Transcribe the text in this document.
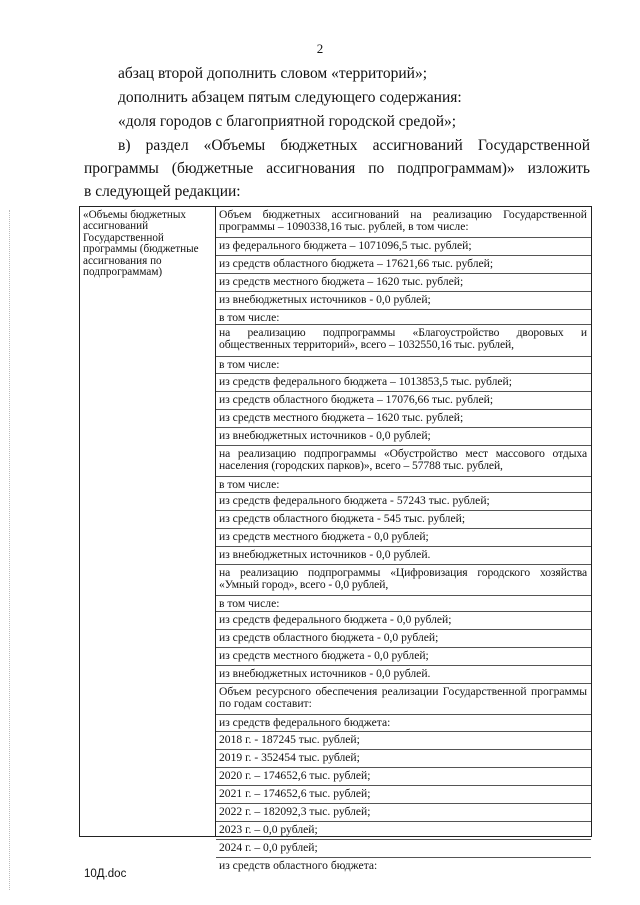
2
абзац второй дополнить словом «территорий»;
дополнить абзацем пятым следующего содержания:
«доля городов с благоприятной городской средой»;
в) раздел «Объемы бюджетных ассигнований Государственной
программы (бюджетные ассигнования по подпрограммам)» изложить
в следующей редакции:
«Объемы бюджетных ассигнований Государственной программы (бюджетные ассигнования по подпрограммам)
Объем бюджетных ассигнований на реализацию Государственной программы – 1090338,16 тыс. рублей, в том числе:
из федерального бюджета – 1071096,5 тыс. рублей;
из средств областного бюджета – 17621,66 тыс. рублей;
из средств местного бюджета – 1620 тыс. рублей;
из внебюджетных источников - 0,0 рублей;
в том числе:
на реализацию подпрограммы «Благоустройство дворовых и общественных территорий», всего – 1032550,16 тыс. рублей,
в том числе:
из средств федерального бюджета – 1013853,5 тыс. рублей;
из средств областного бюджета – 17076,66 тыс. рублей;
из средств местного бюджета – 1620 тыс. рублей;
из внебюджетных источников - 0,0 рублей;
на реализацию подпрограммы «Обустройство мест массового отдыха населения (городских парков)», всего – 57788 тыс. рублей,
в том числе:
из средств федерального бюджета - 57243 тыс. рублей;
из средств областного бюджета - 545 тыс. рублей;
из средств местного бюджета - 0,0 рублей;
из внебюджетных источников - 0,0 рублей.
на реализацию подпрограммы «Цифровизация городского хозяйства «Умный город», всего - 0,0 рублей,
в том числе:
из средств федерального бюджета - 0,0 рублей;
из средств областного бюджета - 0,0 рублей;
из средств местного бюджета - 0,0 рублей;
из внебюджетных источников - 0,0 рублей.
Объем ресурсного обеспечения реализации Государственной программы по годам составит:
из средств федерального бюджета:
2018 г. - 187245 тыс. рублей;
2019 г. - 352454 тыс. рублей;
2020 г. – 174652,6 тыс. рублей;
2021 г. – 174652,6 тыс. рублей;
2022 г. – 182092,3 тыс. рублей;
2023 г. – 0,0 рублей;
2024 г. – 0,0 рублей;
из средств областного бюджета:
10Д.doc
